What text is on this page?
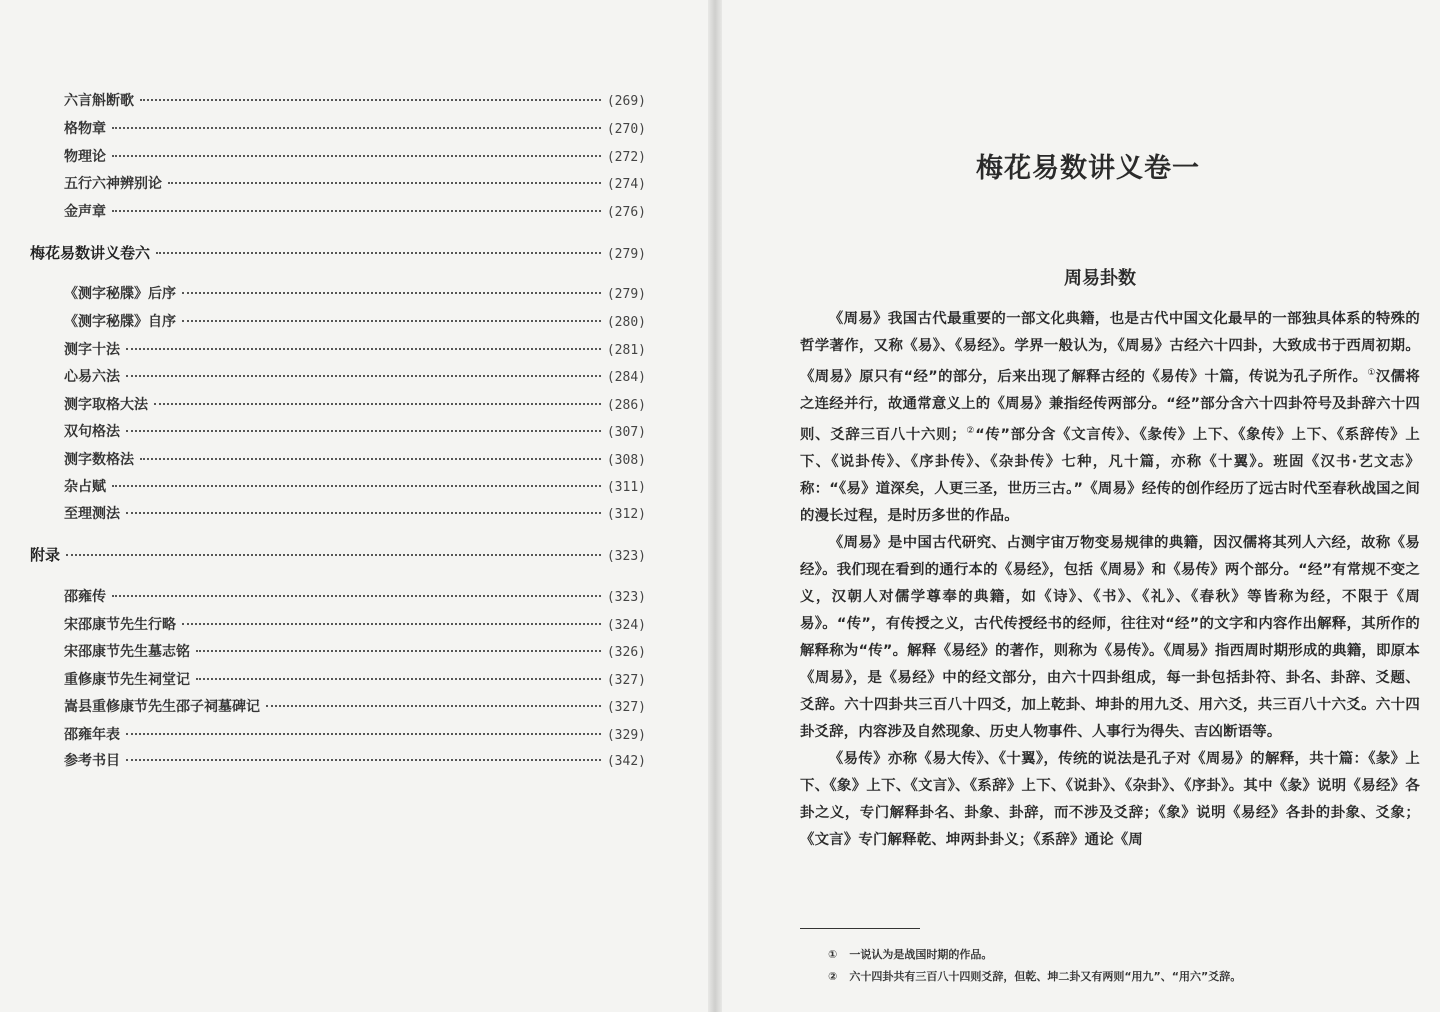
六言斛断歌	(269)
格物章	(270)
物理论	(272)
五行六神辨别论	(274)
金声章	(276)
梅花易数讲义卷六	(279)
《测字秘牒》后序	(279)
《测字秘牒》自序	(280)
测字十法	(281)
心易六法	(284)
测字取格大法	(286)
双句格法	(307)
测字数格法	(308)
杂占赋	(311)
至理测法	(312)
附录	(323)
邵雍传	(323)
宋邵康节先生行略	(324)
宋邵康节先生墓志铭	(326)
重修康节先生祠堂记	(327)
嵩县重修康节先生邵子祠墓碑记	(327)
邵雍年表	(329)
参考书目	(342)
梅花易数讲义卷一
周易卦数

《周易》我国古代最重要的一部文化典籍，也是古代中国文化最早的一部独具体系的特殊的哲学著作，又称《易》、《易经》。学界一般认为，《周易》古经六十四卦，大致成书于西周初期。《周易》原只有“经”的部分，后来出现了解释古经的《易传》十篇，传说为孔子所作。①汉儒将之连经并行，故通常意义上的《周易》兼指经传两部分。“经”部分含六十四卦符号及卦辞六十四则、爻辞三百八十六则；②“传”部分含《文言传》、《彖传》上下、《象传》上下、《系辞传》上下、《说卦传》、《序卦传》、《杂卦传》七种，凡十篇，亦称《十翼》。班固《汉书·艺文志》称：“《易》道深矣，人更三圣，世历三古。”《周易》经传的创作经历了远古时代至春秋战国之间的漫长过程，是时历多世的作品。

《周易》是中国古代研究、占测宇宙万物变易规律的典籍，因汉儒将其列人六经，故称《易经》。我们现在看到的通行本的《易经》，包括《周易》和《易传》两个部分。“经”有常规不变之义，汉朝人对儒学尊奉的典籍，如《诗》、《书》、《礼》、《春秋》等皆称为经，不限于《周易》。“传”，有传授之义，古代传授经书的经师，往往对“经”的文字和内容作出解释，其所作的解释称为“传”。解释《易经》的著作，则称为《易传》。《周易》指西周时期形成的典籍，即原本《周易》，是《易经》中的经文部分，由六十四卦组成，每一卦包括卦符、卦名、卦辞、爻题、爻辞。六十四卦共三百八十四爻，加上乾卦、坤卦的用九爻、用六爻，共三百八十六爻。六十四卦爻辞，内容涉及自然现象、历史人物事件、人事行为得失、吉凶断语等。

《易传》亦称《易大传》、《十翼》，传统的说法是孔子对《周易》的解释，共十篇：《彖》上下、《象》上下、《文言》、《系辞》上下、《说卦》、《杂卦》、《序卦》。其中《彖》说明《易经》各卦之义，专门解释卦名、卦象、卦辞，而不涉及爻辞；《象》说明《易经》各卦的卦象、爻象；《文言》专门解释乾、坤两卦卦义；《系辞》通论《周

① 一说认为是战国时期的作品。
② 六十四卦共有三百八十四则爻辞，但乾、坤二卦又有两则“用九”、“用六”爻辞。
